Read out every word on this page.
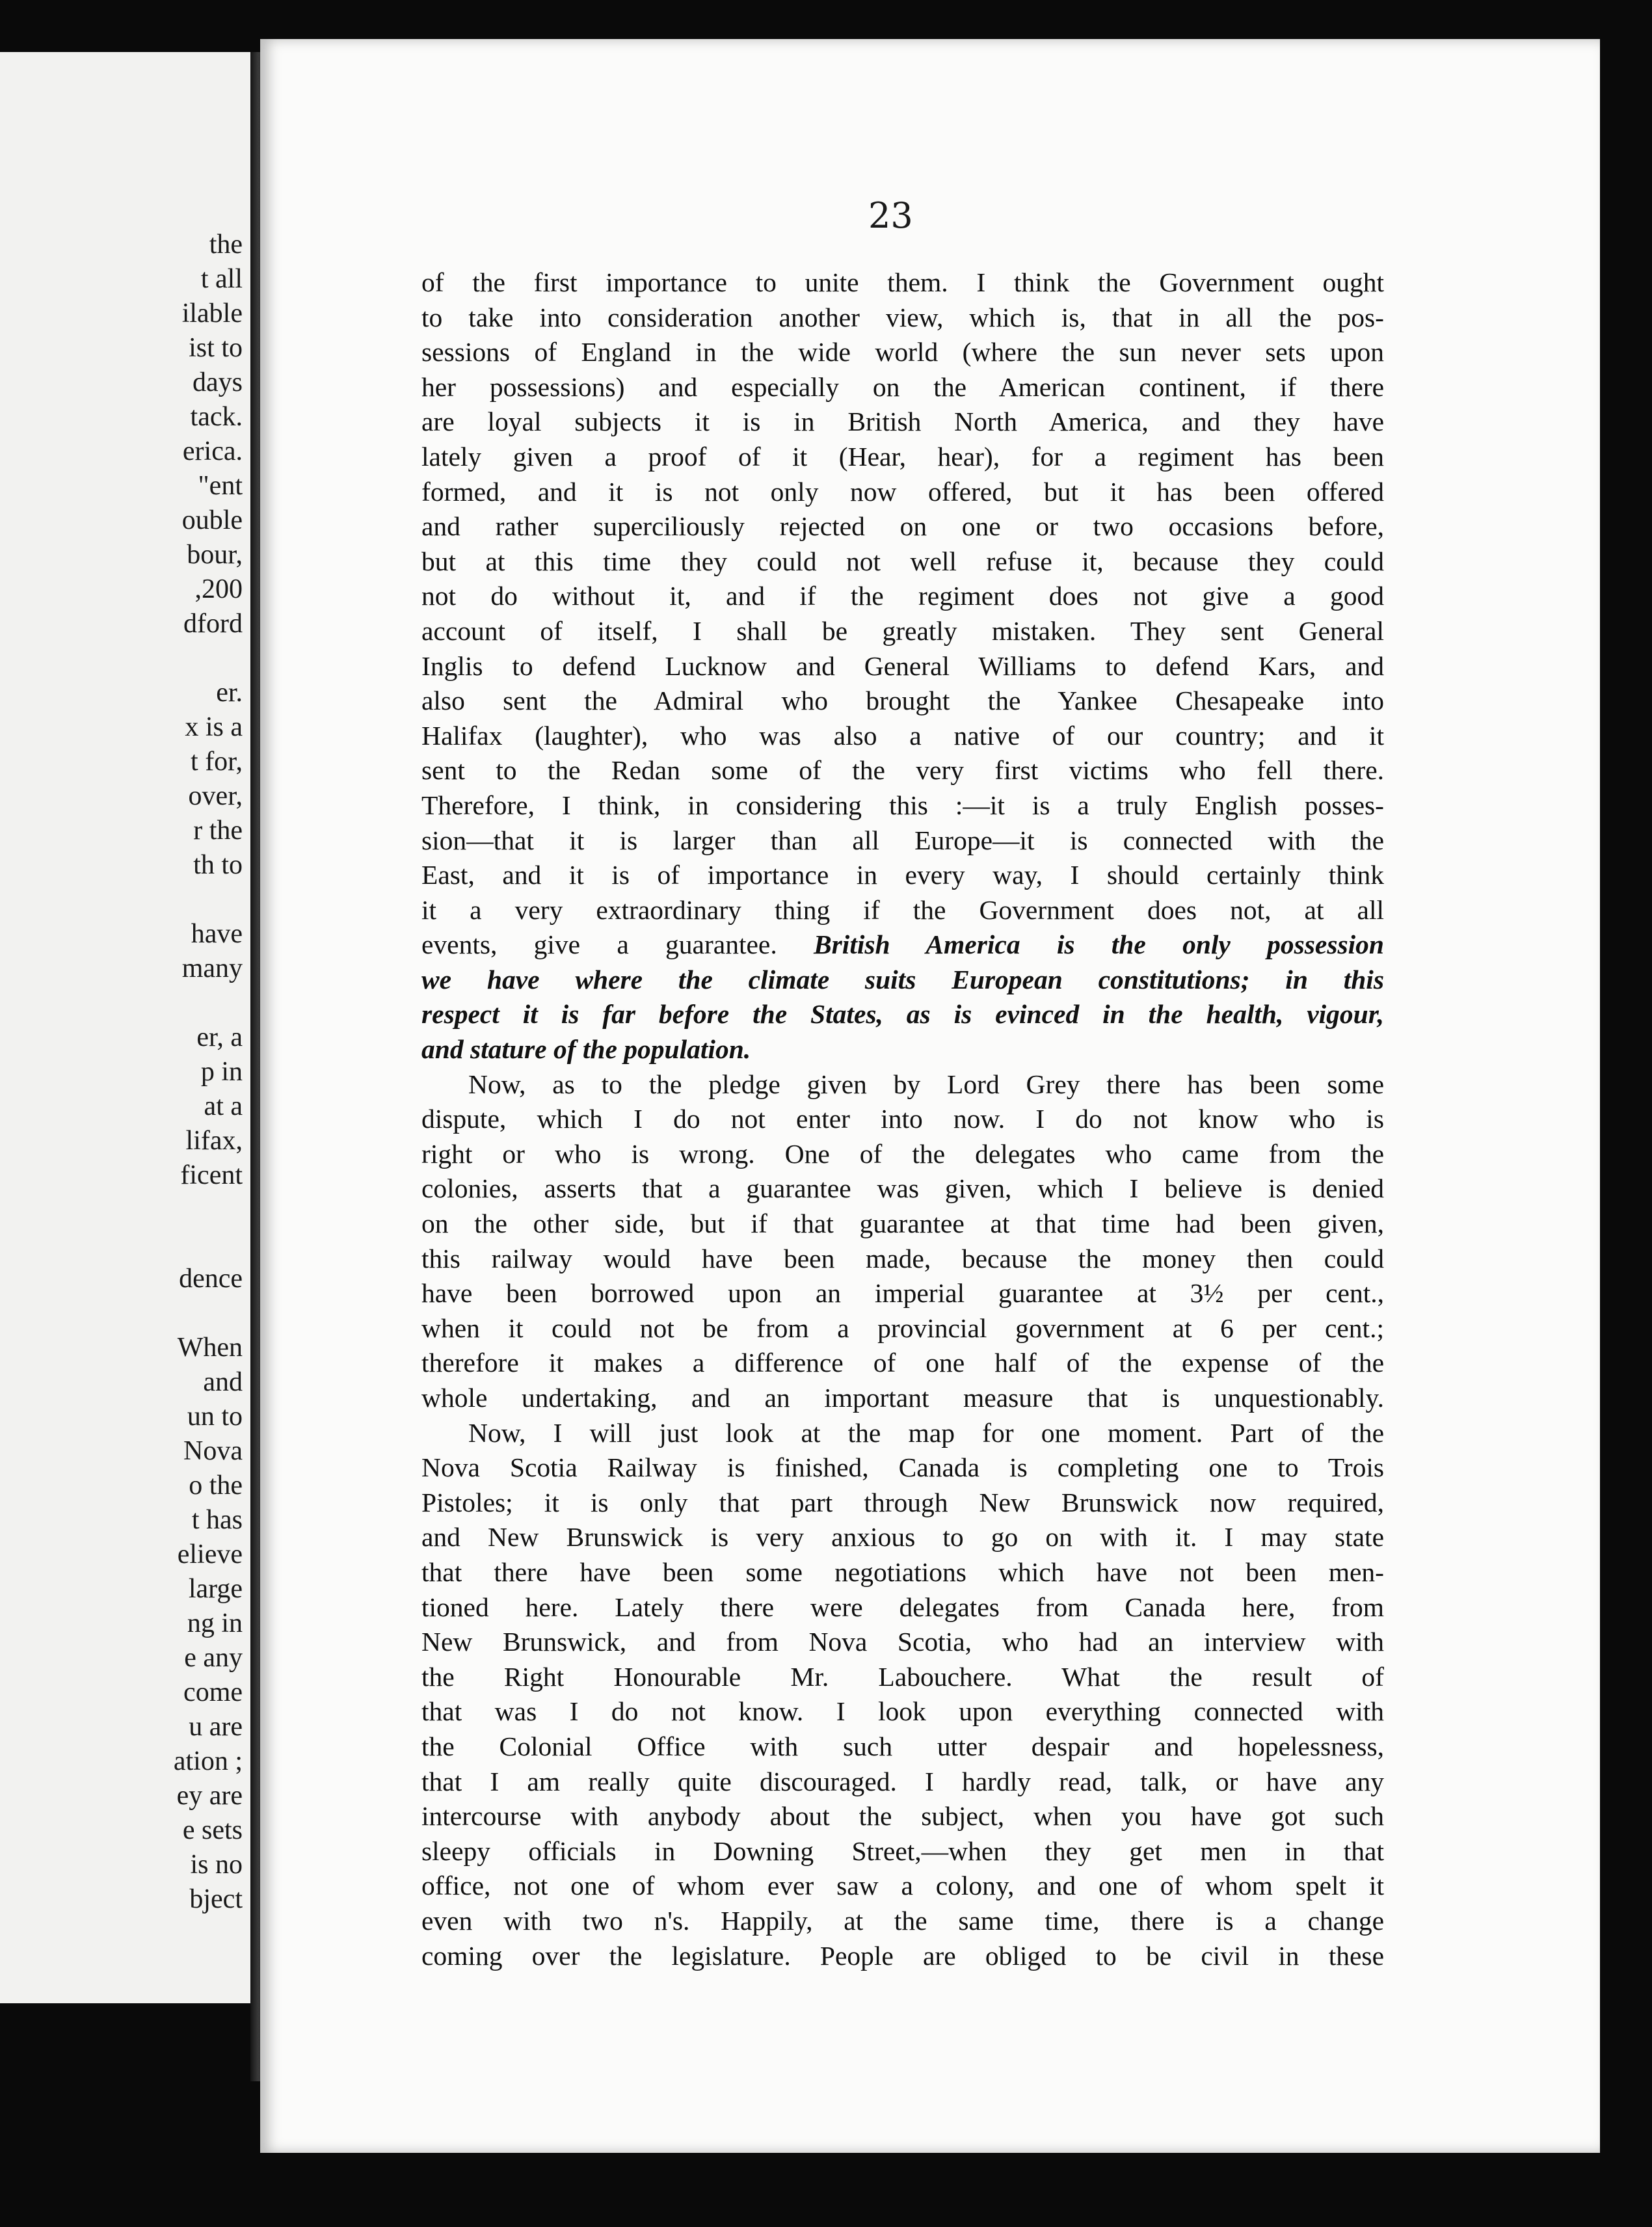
the
t all
ilable
ist to
days
tack.
erica.
"ent
ouble
bour,
,200
dford
er.
x is a
t for,
over,
r the
th to
have
many
er, a
p in
at a
lifax,
ficent
dence
When
and
un to
Nova
o the
t has
elieve
large
ng in
e any
come
u are
ation ;
ey are
e sets
is no
bject
23
of the first importance to unite them. I think the Government ought
to take into consideration another view, which is, that in all the pos-
sessions of England in the wide world (where the sun never sets upon
her possessions) and especially on the American continent, if there
are loyal subjects it is in British North America, and they have
lately given a proof of it (Hear, hear), for a regiment has been
formed, and it is not only now offered, but it has been offered
and rather superciliously rejected on one or two occasions before,
but at this time they could not well refuse it, because they could
not do without it, and if the regiment does not give a good
account of itself, I shall be greatly mistaken. They sent General
Inglis to defend Lucknow and General Williams to defend Kars, and
also sent the Admiral who brought the Yankee Chesapeake into
Halifax (laughter), who was also a native of our country; and it
sent to the Redan some of the very first victims who fell there.
Therefore, I think, in considering this :—it is a truly English posses-
sion—that it is larger than all Europe—it is connected with the
East, and it is of importance in every way, I should certainly think
it a very extraordinary thing if the Government does not, at all
events, give a guarantee. British America is the only possession
we have where the climate suits European constitutions; in this
respect it is far before the States, as is evinced in the health, vigour,
and stature of the population.
Now, as to the pledge given by Lord Grey there has been some
dispute, which I do not enter into now. I do not know who is
right or who is wrong. One of the delegates who came from the
colonies, asserts that a guarantee was given, which I believe is denied
on the other side, but if that guarantee at that time had been given,
this railway would have been made, because the money then could
have been borrowed upon an imperial guarantee at 3½ per cent.,
when it could not be from a provincial government at 6 per cent.;
therefore it makes a difference of one half of the expense of the
whole undertaking, and an important measure that is unquestionably.
Now, I will just look at the map for one moment. Part of the
Nova Scotia Railway is finished, Canada is completing one to Trois
Pistoles; it is only that part through New Brunswick now required,
and New Brunswick is very anxious to go on with it. I may state
that there have been some negotiations which have not been men-
tioned here. Lately there were delegates from Canada here, from
New Brunswick, and from Nova Scotia, who had an interview with
the Right Honourable Mr. Labouchere. What the result of
that was I do not know. I look upon everything connected with
the Colonial Office with such utter despair and hopelessness,
that I am really quite discouraged. I hardly read, talk, or have any
intercourse with anybody about the subject, when you have got such
sleepy officials in Downing Street,—when they get men in that
office, not one of whom ever saw a colony, and one of whom spelt it
even with two n's. Happily, at the same time, there is a change
coming over the legislature. People are obliged to be civil in these
